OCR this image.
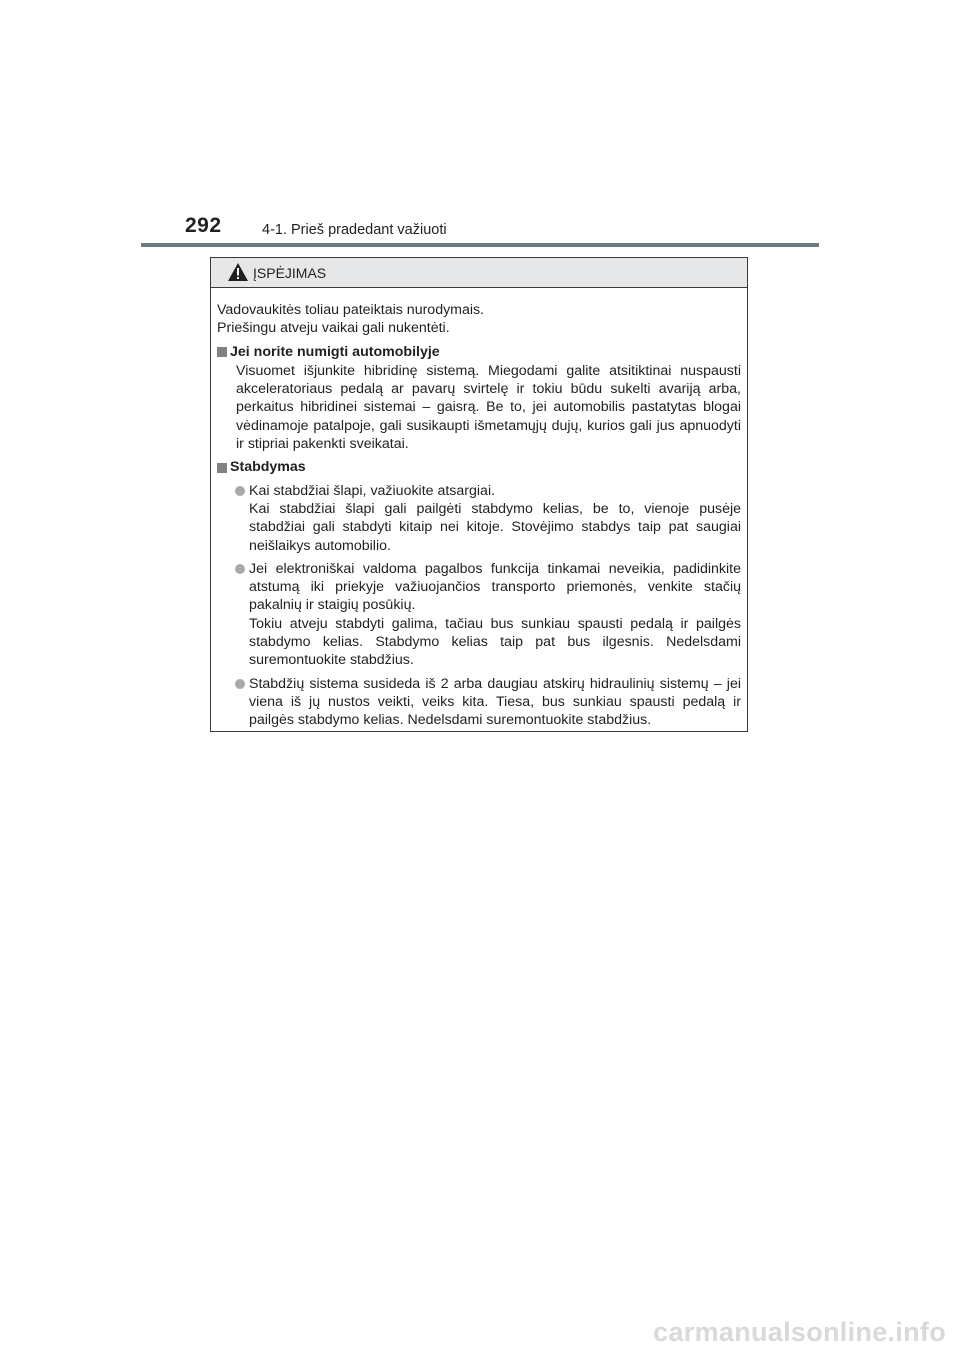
292	4-1. Prieš pradedant važiuoti
ĮSPĖJIMAS

Vadovaukitės toliau pateiktais nurodymais.

Priešingu atveju vaikai gali nukentėti.

Jei norite numigti automobilyje

Visuomet išjunkite hibridinę sistemą. Miegodami galite atsitiktinai nuspausti akceleratoriaus pedalą ar pavarų svirtelę ir tokiu būdu sukelti avariją arba, perkaitus hibridinei sistemai – gaisrą. Be to, jei automobilis pastatytas blogai vėdinamoje patalpoje, gali susikaupti išmetamųjų dujų, kurios gali jus apnuodyti ir stipriai pakenkti sveikatai.

Stabdymas

Kai stabdžiai šlapi, važiuokite atsargiai.

Kai stabdžiai šlapi gali pailgėti stabdymo kelias, be to, vienoje pusėje stabdžiai gali stabdyti kitaip nei kitoje. Stovėjimo stabdys taip pat saugiai neišlaikys automobilio.

Jei elektroniškai valdoma pagalbos funkcija tinkamai neveikia, padidinkite atstumą iki priekyje važiuojančios transporto priemonės, venkite stačių pakalnių ir staigių posūkių.

Tokiu atveju stabdyti galima, tačiau bus sunkiau spausti pedalą ir pailgės stabdymo kelias. Stabdymo kelias taip pat bus ilgesnis. Nedelsdami suremontuokite stabdžius.

Stabdžių sistema susideda iš 2 arba daugiau atskirų hidraulinių sistemų – jei viena iš jų nustos veikti, veiks kita. Tiesa, bus sunkiau spausti pedalą ir pailgės stabdymo kelias. Nedelsdami suremontuokite stabdžius.

carmanualsonline.info
